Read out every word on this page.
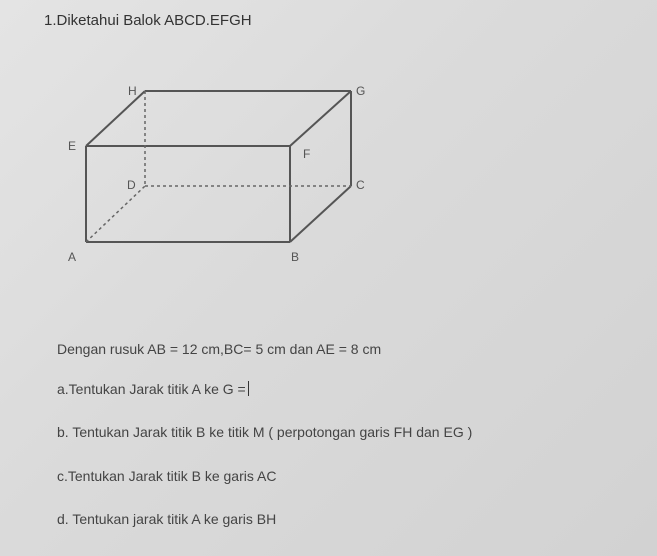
1.Diketahui Balok ABCD.EFGH
H	G
E
F
D	C
A	B
Dengan rusuk AB = 12 cm,BC= 5 cm dan AE = 8 cm
a.Tentukan Jarak titik A ke G =
b. Tentukan Jarak titik B ke titik M ( perpotongan garis FH dan EG )
c.Tentukan Jarak titik B ke garis AC
d. Tentukan jarak titik A ke garis BH
